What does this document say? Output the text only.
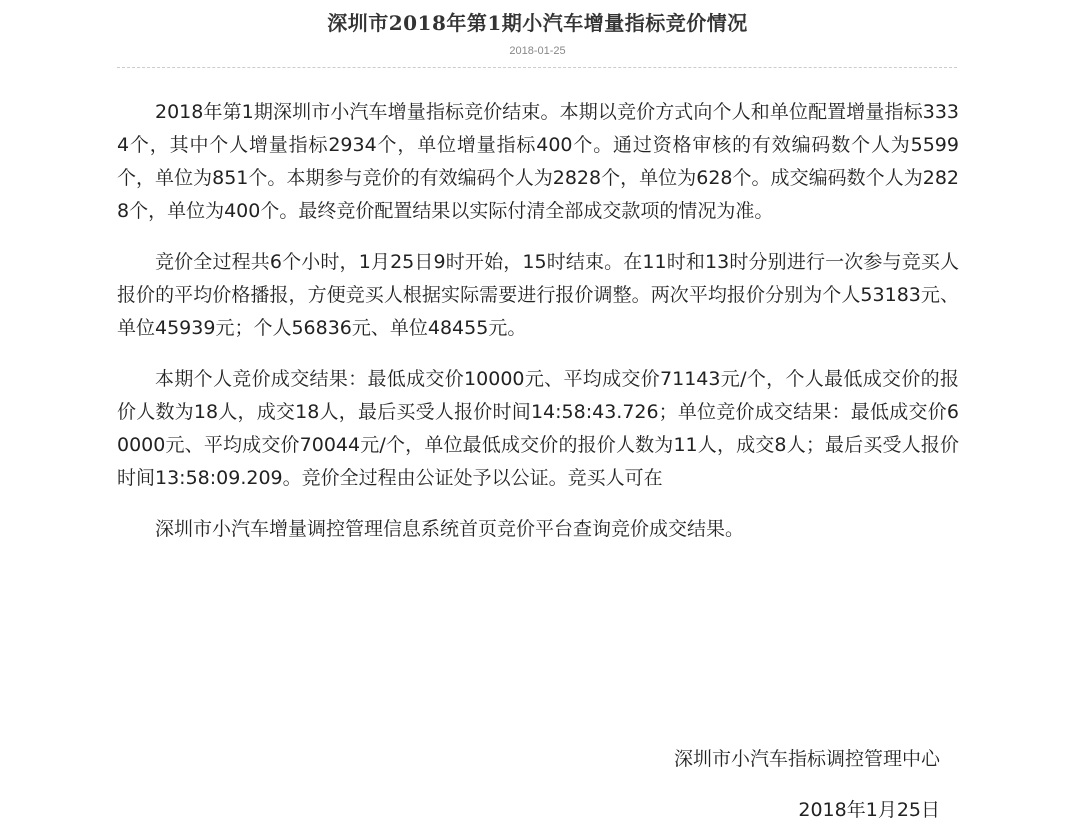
深圳市2018年第1期小汽车增量指标竞价情况
2018-01-25

2018年第1期深圳市小汽车增量指标竞价结束。本期以竞价方式向个人和单位配置增量指标3334个，其中个人增量指标2934个，单位增量指标400个。通过资格审核的有效编码数个人为5599个，单位为851个。本期参与竞价的有效编码个人为2828个，单位为628个。成交编码数个人为2828个，单位为400个。最终竞价配置结果以实际付清全部成交款项的情况为准。

竞价全过程共6个小时，1月25日9时开始，15时结束。在11时和13时分别进行一次参与竞买人报价的平均价格播报，方便竞买人根据实际需要进行报价调整。两次平均报价分别为个人53183元、单位45939元；个人56836元、单位48455元。

本期个人竞价成交结果：最低成交价10000元、平均成交价71143元/个，个人最低成交价的报价人数为18人，成交18人，最后买受人报价时间14:58:43.726；单位竞价成交结果：最低成交价60000元、平均成交价70044元/个，单位最低成交价的报价人数为11人，成交8人；最后买受人报价时间13:58:09.209。竞价全过程由公证处予以公证。竞买人可在

深圳市小汽车增量调控管理信息系统首页竞价平台查询竞价成交结果。

深圳市小汽车指标调控管理中心
2018年1月25日
